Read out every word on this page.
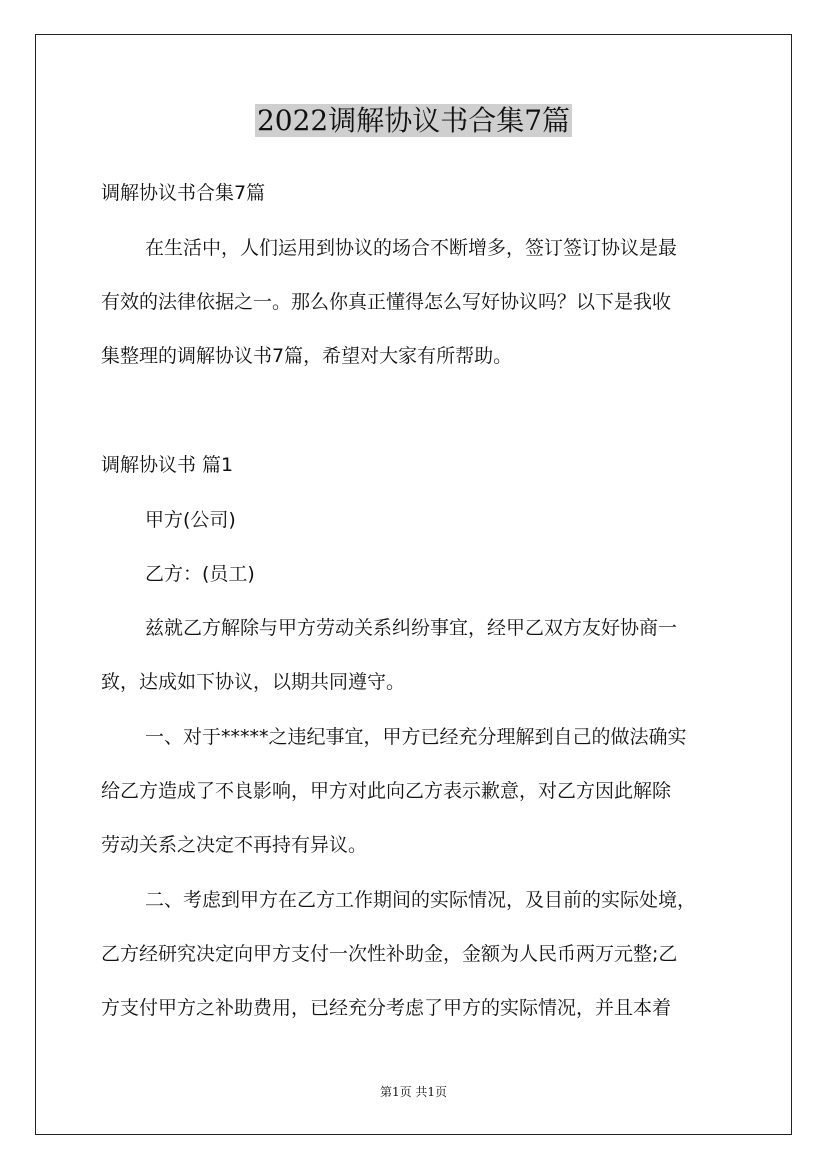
2022调解协议书合集7篇
调解协议书合集7篇
在生活中，人们运用到协议的场合不断增多，签订签订协议是最
有效的法律依据之一。那么你真正懂得怎么写好协议吗？以下是我收
集整理的调解协议书7篇，希望对大家有所帮助。
调解协议书 篇1
甲方(公司)
乙方：(员工)
兹就乙方解除与甲方劳动关系纠纷事宜，经甲乙双方友好协商一
致，达成如下协议，以期共同遵守。
一、对于*****之违纪事宜，甲方已经充分理解到自己的做法确实
给乙方造成了不良影响，甲方对此向乙方表示歉意，对乙方因此解除
劳动关系之决定不再持有异议。
二、考虑到甲方在乙方工作期间的实际情况，及目前的实际处境，
乙方经研究决定向甲方支付一次性补助金，金额为人民币两万元整;乙
方支付甲方之补助费用，已经充分考虑了甲方的实际情况，并且本着
第1页 共1页
